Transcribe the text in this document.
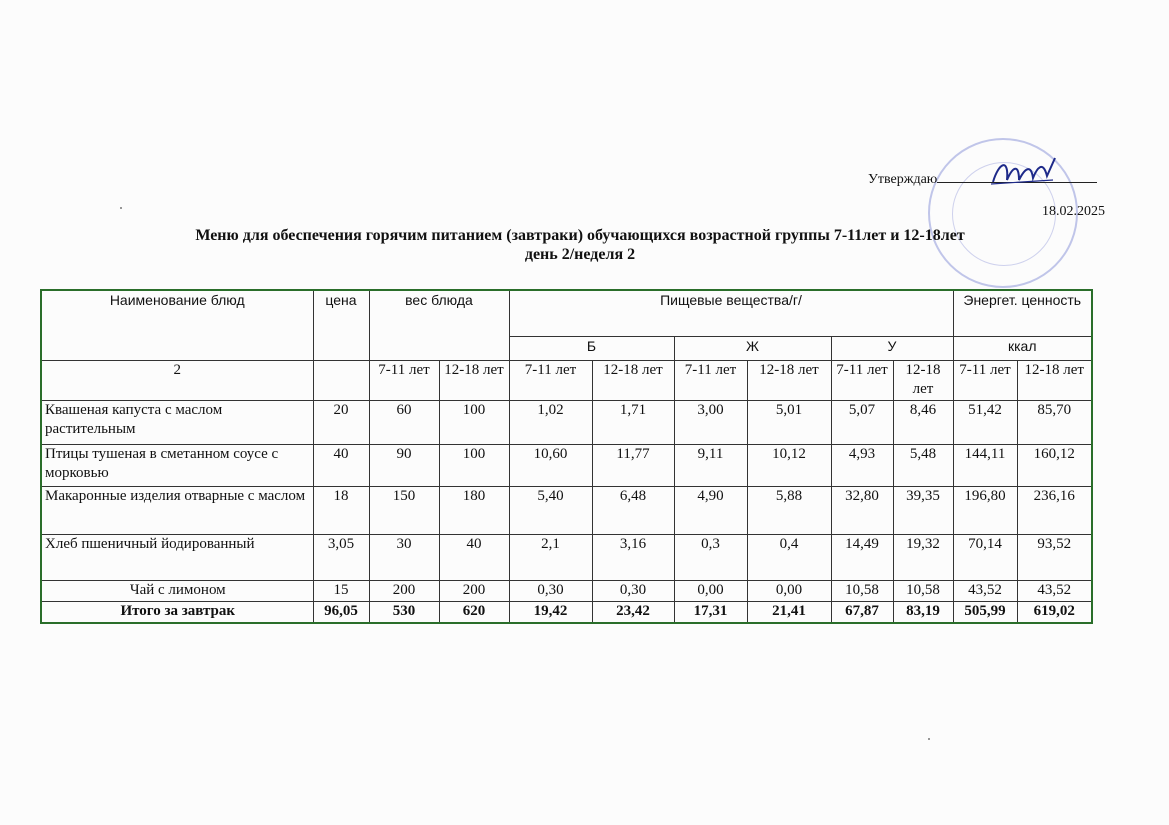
Утверждаю
18.02.2025
Меню для обеспечения горячим питанием (завтраки) обучающихся возрастной группы 7-11лет и 12-18лет
день 2/неделя 2
Наименование блюд	цена	вес блюда		Пищевые вещества/г/						Энергет. ценность	
				Б		Ж		У		ккал	
2		7-11 лет	12-18 лет	7-11 лет	12-18 лет	7-11 лет	12-18 лет	7-11 лет	12-18 лет	7-11 лет	12-18 лет
Квашеная капуста с маслом растительным	20	60	100	1,02	1,71	3,00	5,01	5,07	8,46	51,42	85,70
Птицы тушеная в сметанном соусе с морковью	40	90	100	10,60	11,77	9,11	10,12	4,93	5,48	144,11	160,12
Макаронные изделия отварные с маслом	18	150	180	5,40	6,48	4,90	5,88	32,80	39,35	196,80	236,16
Хлеб пшеничный йодированный	3,05	30	40	2,1	3,16	0,3	0,4	14,49	19,32	70,14	93,52
Чай с лимоном	15	200	200	0,30	0,30	0,00	0,00	10,58	10,58	43,52	43,52
Итого за завтрак	96,05	530	620	19,42	23,42	17,31	21,41	67,87	83,19	505,99	619,02
